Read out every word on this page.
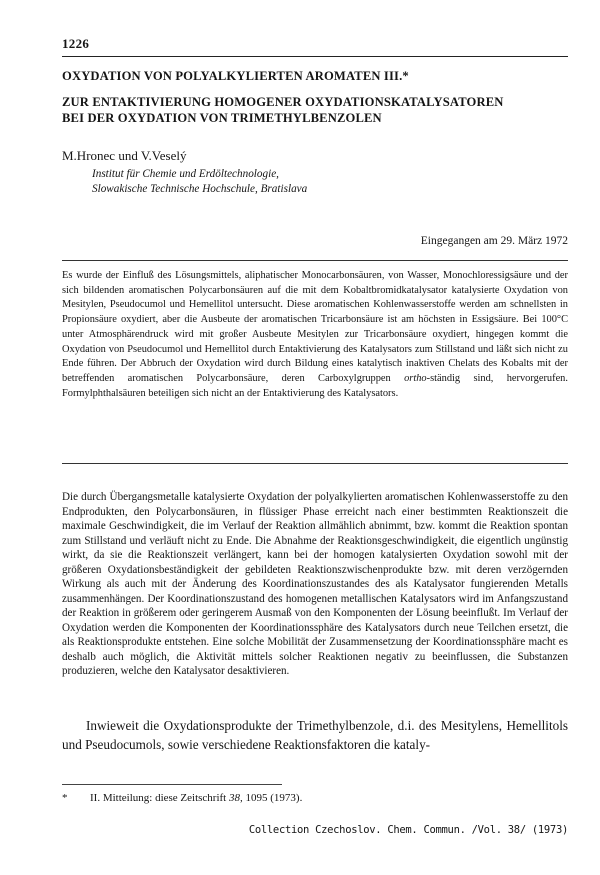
1226
OXYDATION VON POLYALKYLIERTEN AROMATEN III.*
ZUR ENTAKTIVIERUNG HOMOGENER OXYDATIONSKATALYSATOREN
BEI DER OXYDATION VON TRIMETHYLBENZOLEN
M.Hronec und V.Veselý
Institut für Chemie und Erdöltechnologie,
Slowakische Technische Hochschule, Bratislava
Eingegangen am 29. März 1972

Es wurde der Einfluß des Lösungsmittels, aliphatischer Monocarbonsäuren, von Wasser, Monochloressigsäure und der sich bildenden aromatischen Polycarbonsäuren auf die mit dem Kobaltbromidkatalysator katalysierte Oxydation von Mesitylen, Pseudocumol und Hemellitol untersucht. Diese aromatischen Kohlenwasserstoffe werden am schnellsten in Propionsäure oxydiert, aber die Ausbeute der aromatischen Tricarbonsäure ist am höchsten in Essigsäure. Bei 100°C unter Atmosphärendruck wird mit großer Ausbeute Mesitylen zur Tricarbonsäure oxydiert, hingegen kommt die Oxydation von Pseudocumol und Hemellitol durch Entaktivierung des Katalysators zum Stillstand und läßt sich nicht zu Ende führen. Der Abbruch der Oxydation wird durch Bildung eines katalytisch inaktiven Chelats des Kobalts mit der betreffenden aromatischen Polycarbonsäure, deren Carboxylgruppen ortho-ständig sind, hervorgerufen. Formylphthalsäuren beteiligen sich nicht an der Entaktivierung des Katalysators.

Die durch Übergangsmetalle katalysierte Oxydation der polyalkylierten aromatischen Kohlenwasserstoffe zu den Endprodukten, den Polycarbonsäuren, in flüssiger Phase erreicht nach einer bestimmten Reaktionszeit die maximale Geschwindigkeit, die im Verlauf der Reaktion allmählich abnimmt, bzw. kommt die Reaktion spontan zum Stillstand und verläuft nicht zu Ende. Die Abnahme der Reaktionsgeschwindigkeit, die eigentlich ungünstig wirkt, da sie die Reaktionszeit verlängert, kann bei der homogen katalysierten Oxydation sowohl mit der größeren Oxydationsbeständigkeit der gebildeten Reaktionszwischenprodukte bzw. mit deren verzögernden Wirkung als auch mit der Änderung des Koordinationszustandes des als Katalysator fungierenden Metalls zusammenhängen. Der Koordinationszustand des homogenen metallischen Katalysators wird im Anfangszustand der Reaktion in größerem oder geringerem Ausmaß von den Komponenten der Lösung beeinflußt. Im Verlauf der Oxydation werden die Komponenten der Koordinationssphäre des Katalysators durch neue Teilchen ersetzt, die als Reaktionsprodukte entstehen. Eine solche Mobilität der Zusammensetzung der Koordinationssphäre macht es deshalb auch möglich, die Aktivität mittels solcher Reaktionen negativ zu beeinflussen, die Substanzen produzieren, welche den Katalysator desaktivieren.

Inwieweit die Oxydationsprodukte der Trimethylbenzole, d.i. des Mesitylens, Hemellitols und Pseudocumols, sowie verschiedene Reaktionsfaktoren die kataly-

* II. Mitteilung: diese Zeitschrift 38, 1095 (1973).
Collection Czechoslov. Chem. Commun. /Vol. 38/ (1973)
